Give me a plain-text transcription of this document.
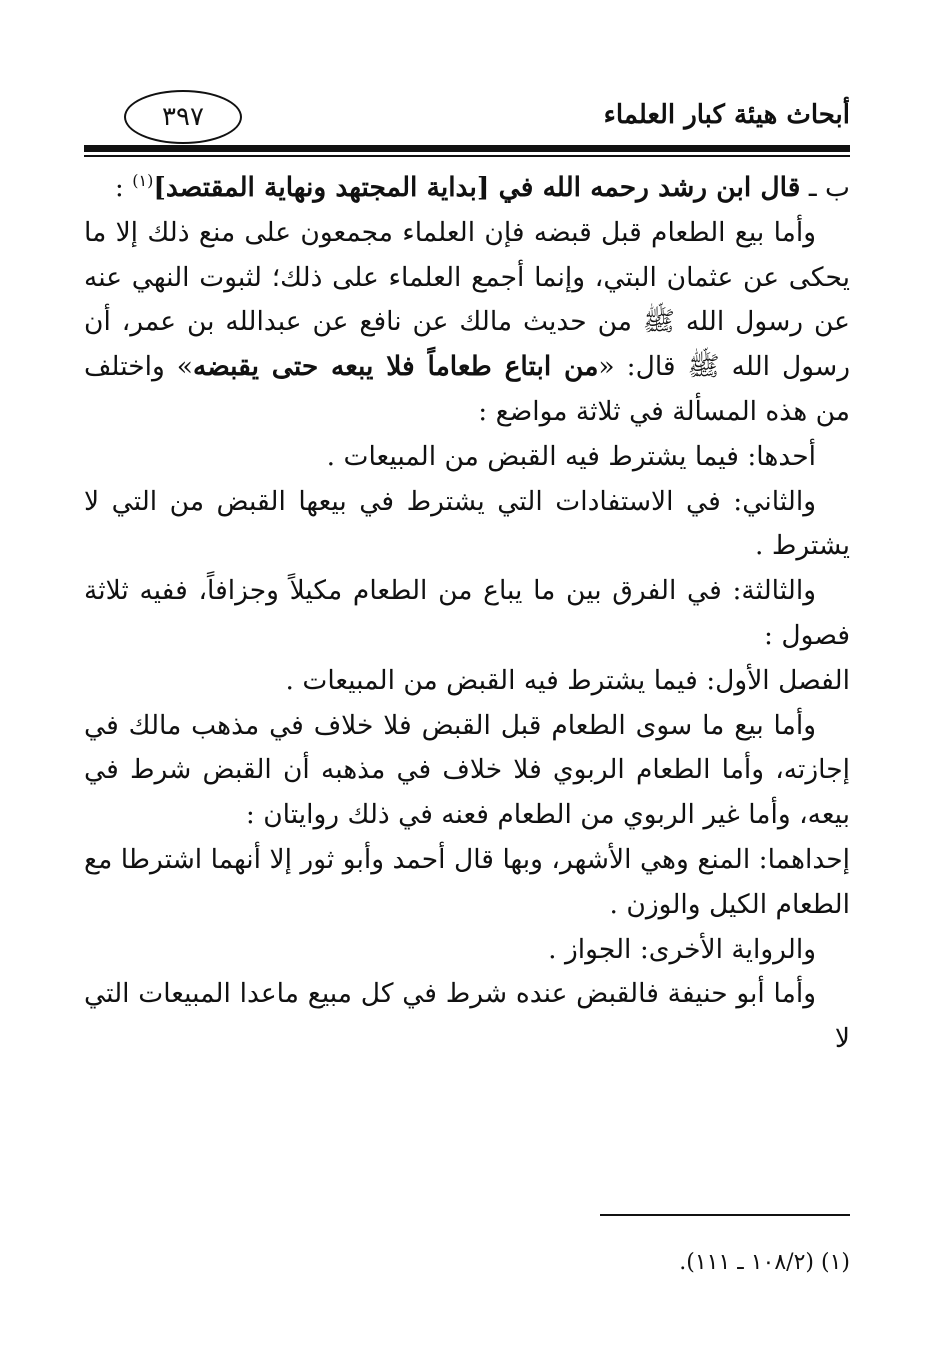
أبحاث هيئة كبار العلماء
٣٩٧

ب ـ قال ابن رشد رحمه الله في [بداية المجتهد ونهاية المقتصد]$^{(١)}$ :

وأما بيع الطعام قبل قبضه فإن العلماء مجمعون على منع ذلك إلا ما يحكى عن عثمان البتي، وإنما أجمع العلماء على ذلك؛ لثبوت النهي عنه عن رسول الله ﷺ من حديث مالك عن نافع عن عبدالله بن عمر، أن رسول الله ﷺ قال: «من ابتاع طعاماً فلا يبعه حتى يقبضه» واختلف من هذه المسألة في ثلاثة مواضع :

أحدها: فيما يشترط فيه القبض من المبيعات .

والثاني: في الاستفادات التي يشترط في بيعها القبض من التي لا يشترط .

والثالثة: في الفرق بين ما يباع من الطعام مكيلاً وجزافاً، ففيه ثلاثة فصول :

الفصل الأول: فيما يشترط فيه القبض من المبيعات .

وأما بيع ما سوى الطعام قبل القبض فلا خلاف في مذهب مالك في إجازته، وأما الطعام الربوي فلا خلاف في مذهبه أن القبض شرط في بيعه، وأما غير الربوي من الطعام فعنه في ذلك روايتان :

إحداهما: المنع وهي الأشهر، وبها قال أحمد وأبو ثور إلا أنهما اشترطا مع الطعام الكيل والوزن .

والرواية الأخرى: الجواز .

وأما أبو حنيفة فالقبض عنده شرط في كل مبيع ماعدا المبيعات التي لا

(١) (١٠٨/٢ ـ ١١١).
